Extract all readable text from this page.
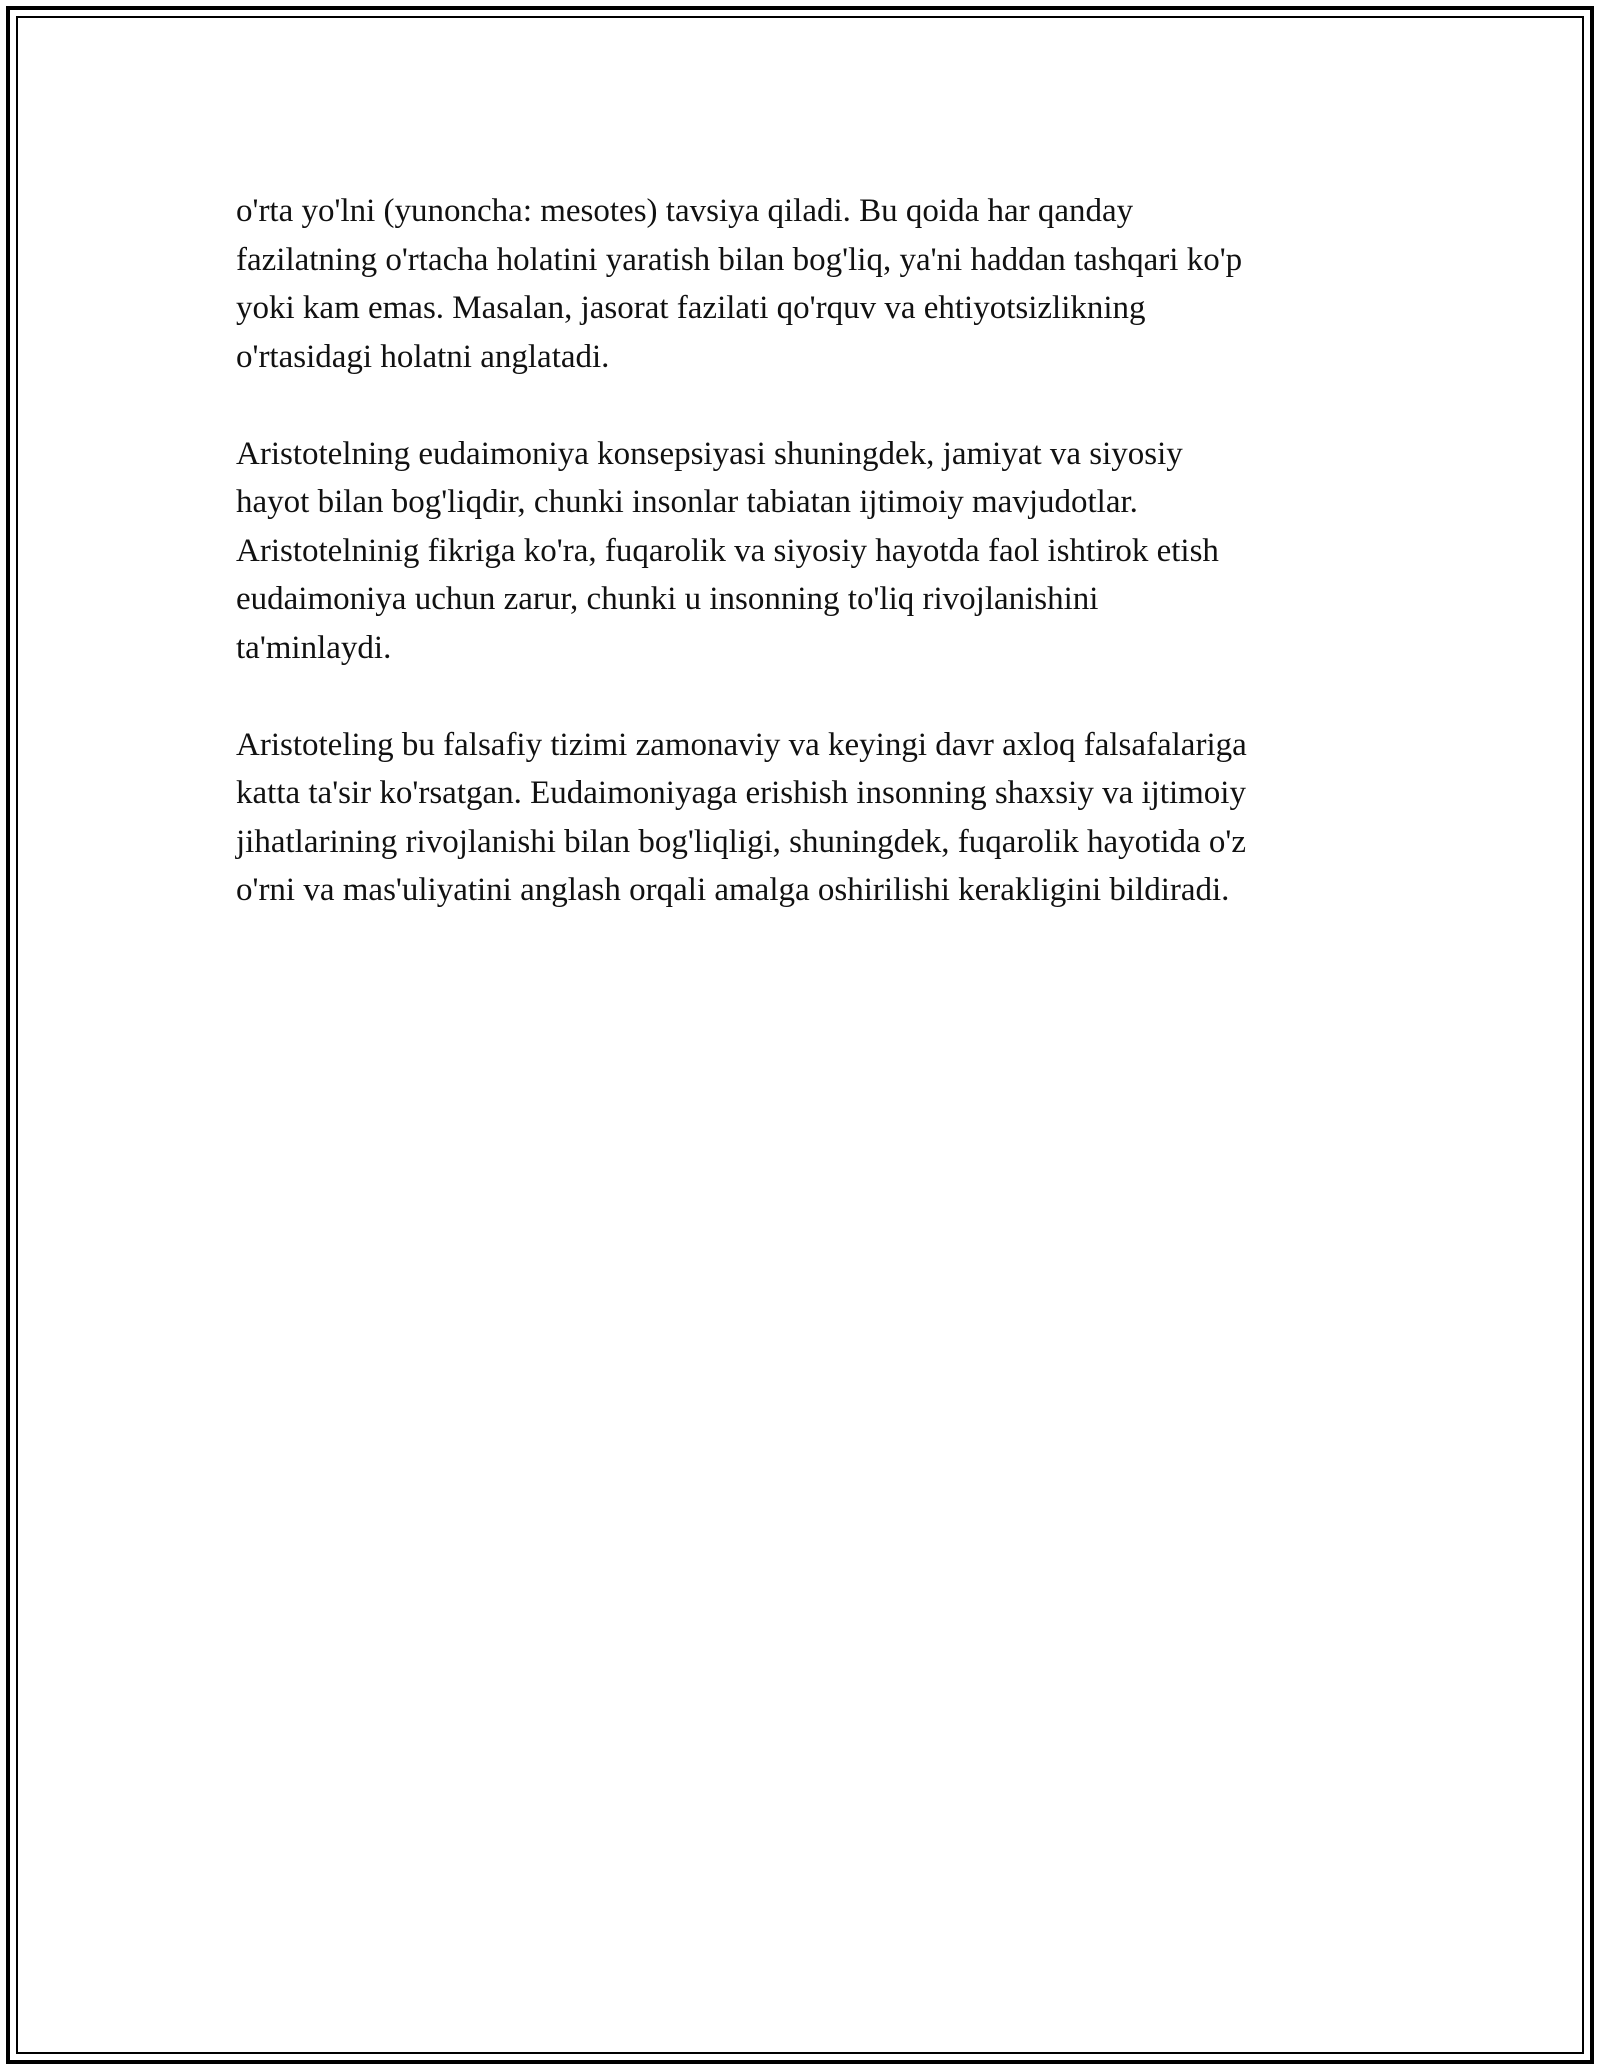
o'rta yo'lni (yunoncha: mesotes) tavsiya qiladi. Bu qoida har qanday
fazilatning o'rtacha holatini yaratish bilan bog'liq, ya'ni haddan tashqari ko'p
yoki kam emas. Masalan, jasorat fazilati qo'rquv va ehtiyotsizlikning
o'rtasidagi holatni anglatadi.

Aristotelning eudaimoniya konsepsiyasi shuningdek, jamiyat va siyosiy
hayot bilan bog'liqdir, chunki insonlar tabiatan ijtimoiy mavjudotlar.
Aristotelninig fikriga ko'ra, fuqarolik va siyosiy hayotda faol ishtirok etish
eudaimoniya uchun zarur, chunki u insonning to'liq rivojlanishini
ta'minlaydi.

Aristoteling bu falsafiy tizimi zamonaviy va keyingi davr axloq falsafalariga
katta ta'sir ko'rsatgan. Eudaimoniyaga erishish insonning shaxsiy va ijtimoiy
jihatlarining rivojlanishi bilan bog'liqligi, shuningdek, fuqarolik hayotida o'z
o'rni va mas'uliyatini anglash orqali amalga oshirilishi kerakligini bildiradi.
